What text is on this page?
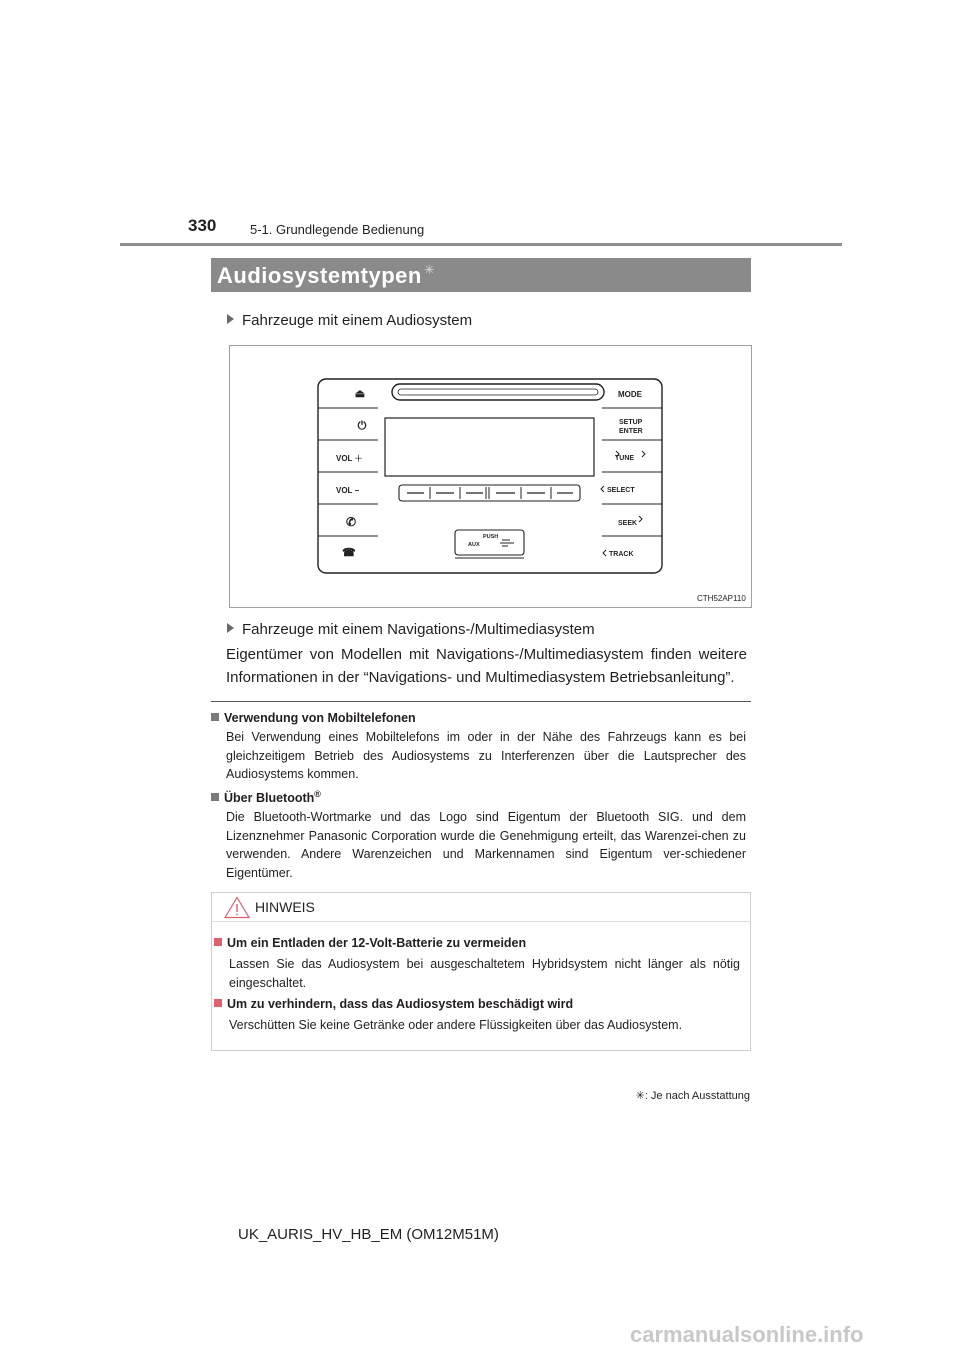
330	5-1. Grundlegende Bedienung
Audiosystemtypen ✳
Fahrzeuge mit einem Audiosystem
⏏
⏻
VOL ＋
VOL −
✆
☎
MODE
SETUP
ENTER
TUNE
SELECT
SEEK
TRACK
PUSH
AUX
CTH52AP110
Fahrzeuge mit einem Navigations-/Multimediasystem
Eigentümer von Modellen mit Navigations-/Multimediasystem finden weitere Informationen in der “Navigations- und Multimediasystem Betriebsanleitung”.
Verwendung von Mobiltelefonen
Bei Verwendung eines Mobiltelefons im oder in der Nähe des Fahrzeugs kann es bei gleichzeitigem Betrieb des Audiosystems zu Interferenzen über die Lautsprecher des Audiosystems kommen.
Über Bluetooth®
Die Bluetooth-Wortmarke und das Logo sind Eigentum der Bluetooth SIG. und dem Lizenznehmer Panasonic Corporation wurde die Genehmigung erteilt, das Warenzei-chen zu verwenden. Andere Warenzeichen und Markennamen sind Eigentum ver-schiedener Eigentümer.
HINWEIS
Um ein Entladen der 12-Volt-Batterie zu vermeiden
Lassen Sie das Audiosystem bei ausgeschaltetem Hybridsystem nicht länger als nötig eingeschaltet.
Um zu verhindern, dass das Audiosystem beschädigt wird
Verschütten Sie keine Getränke oder andere Flüssigkeiten über das Audiosystem.
✳: Je nach Ausstattung
UK_AURIS_HV_HB_EM (OM12M51M)
carmanualsonline.info
